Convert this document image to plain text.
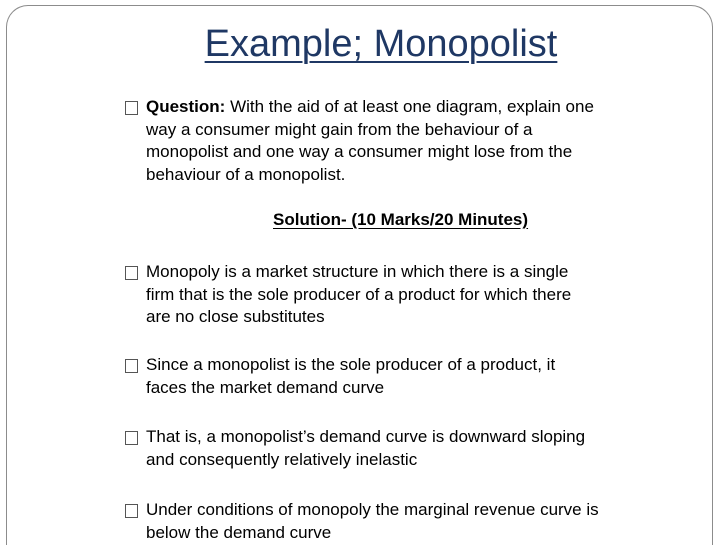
Example; Monopolist
Question: With the aid of at least one diagram, explain one
way a consumer might gain from the behaviour of a
monopolist and one way a consumer might lose from the
behaviour of a monopolist.
Solution- (10 Marks/20 Minutes)
Monopoly is a market structure in which there is a single
firm that is the sole producer of a product for which there
are no close substitutes
Since a monopolist is the sole producer of a product, it
faces the market demand curve
That is, a monopolist’s demand curve is downward sloping
and consequently relatively inelastic
Under conditions of monopoly the marginal revenue curve is
below the demand curve
